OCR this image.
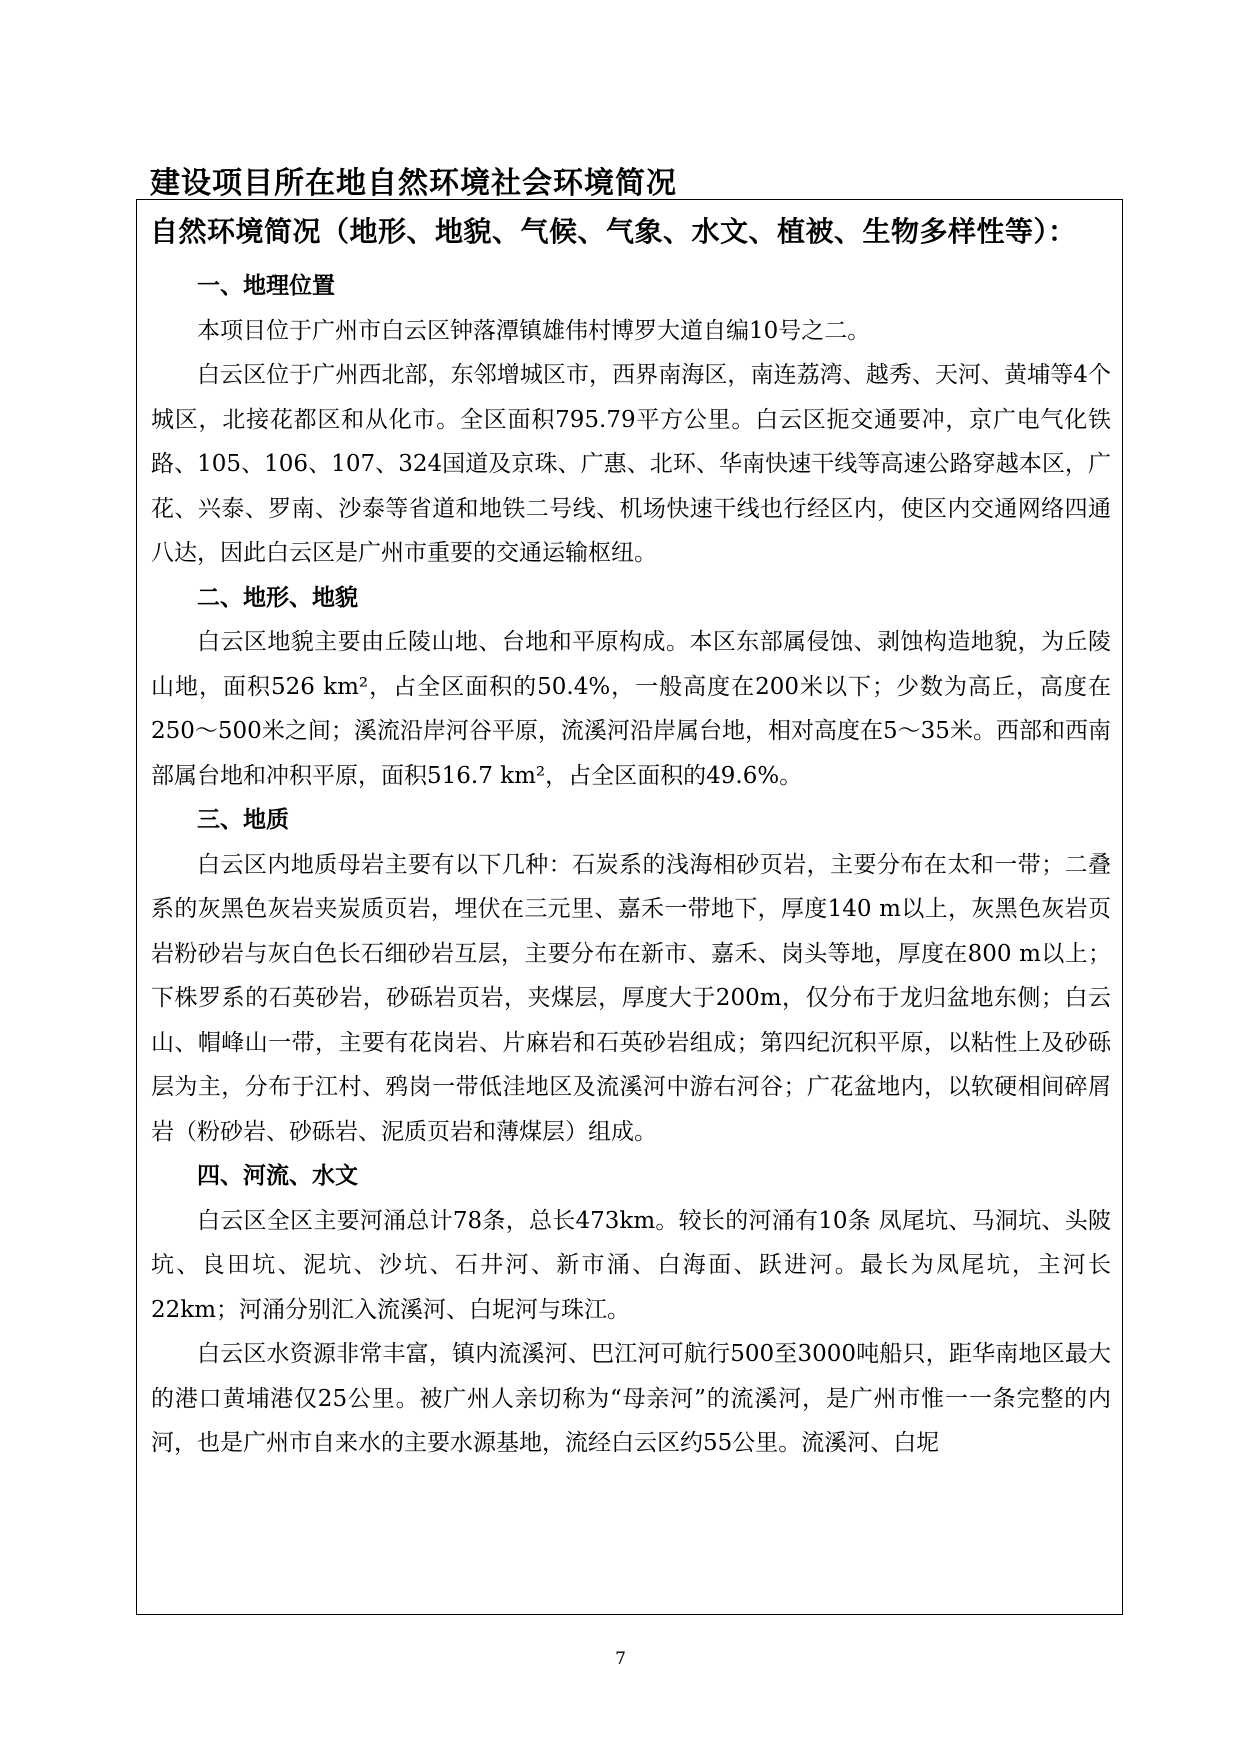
建设项目所在地自然环境社会环境简况
自然环境简况（地形、地貌、气候、气象、水文、植被、生物多样性等）：
一、地理位置

本项目位于广州市白云区钟落潭镇雄伟村博罗大道自编10号之二。

白云区位于广州西北部，东邻增城区市，西界南海区，南连荔湾、越秀、天河、黄埔等4个城区，北接花都区和从化市。全区面积795.79平方公里。白云区扼交通要冲，京广电气化铁路、105、106、107、324国道及京珠、广惠、北环、华南快速干线等高速公路穿越本区，广花、兴泰、罗南、沙泰等省道和地铁二号线、机场快速干线也行经区内，使区内交通网络四通八达，因此白云区是广州市重要的交通运输枢纽。

二、地形、地貌

白云区地貌主要由丘陵山地、台地和平原构成。本区东部属侵蚀、剥蚀构造地貌，为丘陵山地，面积526 km²，占全区面积的50.4%，一般高度在200米以下；少数为高丘，高度在 250～500米之间；溪流沿岸河谷平原，流溪河沿岸属台地，相对高度在5～35米。西部和西南部属台地和冲积平原，面积516.7 km²，占全区面积的49.6%。

三、地质

白云区内地质母岩主要有以下几种：石炭系的浅海相砂页岩，主要分布在太和一带；二叠系的灰黑色灰岩夹炭质页岩，埋伏在三元里、嘉禾一带地下，厚度140 m以上，灰黑色灰岩页岩粉砂岩与灰白色长石细砂岩互层，主要分布在新市、嘉禾、岗头等地，厚度在800 m以上；下株罗系的石英砂岩，砂砾岩页岩，夹煤层，厚度大于200m，仅分布于龙归盆地东侧；白云山、帽峰山一带，主要有花岗岩、片麻岩和石英砂岩组成；第四纪沉积平原，以粘性上及砂砾层为主，分布于江村、鸦岗一带低洼地区及流溪河中游右河谷；广花盆地内，以软硬相间碎屑岩（粉砂岩、砂砾岩、泥质页岩和薄煤层）组成。

四、河流、水文

白云区全区主要河涌总计78条，总长473km。较长的河涌有10条 凤尾坑、马洞坑、头陂坑、良田坑、泥坑、沙坑、石井河、新市涌、白海面、跃进河。最长为凤尾坑，主河长22km；河涌分别汇入流溪河、白坭河与珠江。

白云区水资源非常丰富，镇内流溪河、巴江河可航行500至3000吨船只，距华南地区最大的港口黄埔港仅25公里。被广州人亲切称为“母亲河”的流溪河，是广州市惟一一条完整的内河，也是广州市自来水的主要水源基地，流经白云区约55公里。流溪河、白坭

7
